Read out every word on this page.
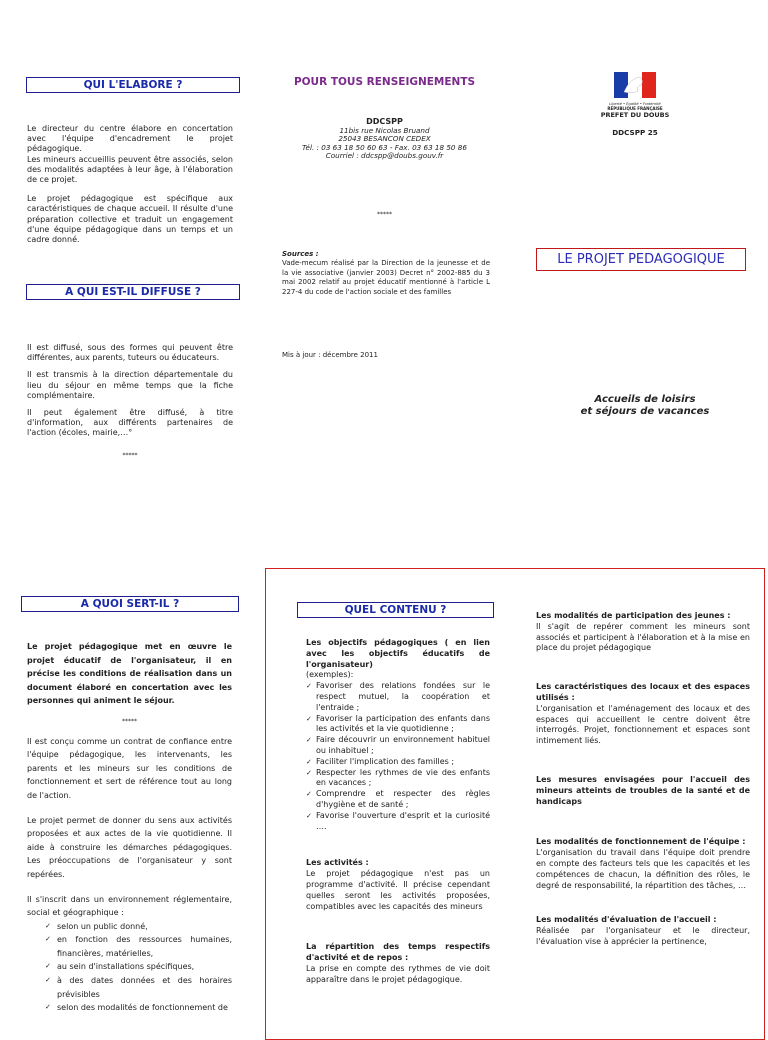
QUI L'ELABORE ?

Le directeur du centre élabore en concertation avec l'équipe d'encadrement le projet pédagogique.
Les mineurs accueillis peuvent être associés, selon des modalités adaptées à leur âge, à l'élaboration de ce projet.

Le projet pédagogique est spécifique aux caractéristiques de chaque accueil. Il résulte d'une préparation collective et traduit un engagement d'une équipe pédagogique dans un temps et un cadre donné.

A QUI EST-IL DIFFUSE ?

Il est diffusé, sous des formes qui peuvent être différentes, aux parents, tuteurs ou éducateurs.

Il est transmis à la direction départementale du lieu du séjour en même temps que la fiche complémentaire.

Il peut également être diffusé, à titre d'information, aux différents partenaires de l'action (écoles, mairie,…°

*****

POUR TOUS RENSEIGNEMENTS
DDCSPP
11bis rue Nicolas Bruand
25043 BESANCON CEDEX
Tél. : 03 63 18 50 60 63 - Fax. 03 63 18 50 86
Courriel : ddcspp@doubs.gouv.fr
*****
Sources :
Vade-mecum réalisé par la Direction de la jeunesse et de la vie associative (janvier 2003) Decret n° 2002-885 du 3 mai 2002 relatif au projet éducatif mentionné à l'article L 227-4 du code de l'action sociale et des familles
Mis à jour : décembre 2011
Liberté • Égalité • Fraternité
RÉPUBLIQUE FRANÇAISE
PREFET DU DOUBS
DDCSPP 25
LE PROJET PEDAGOGIQUE
Accueils de loisirs
et séjours de vacances
A QUOI SERT-IL ?

Le projet pédagogique met en œuvre le projet éducatif de l'organisateur, il en précise les conditions de réalisation dans un document élaboré en concertation avec les personnes qui animent le séjour.

*****

Il est conçu comme un contrat de confiance entre l'équipe pédagogique, les intervenants, les parents et les mineurs sur les conditions de fonctionnement et sert de référence tout au long de l'action.

Le projet permet de donner du sens aux activités proposées et aux actes de la vie quotidienne. Il aide à construire les démarches pédagogiques. Les préoccupations de l'organisateur y sont repérées.

Il s'inscrit dans un environnement réglementaire, social et géographique :

✓ selon un public donné,
✓ en fonction des ressources humaines, financières, matérielles,
✓ au sein d'installations spécifiques,
✓ à des dates données et des horaires prévisibles
✓ selon des modalités de fonctionnement de
QUEL CONTENU ?

Les objectifs pédagogiques ( en lien avec les objectifs éducatifs de l'organisateur)

(exemples):

✓ Favoriser des relations fondées sur le respect mutuel, la coopération et l'entraide ;
✓ Favoriser la participation des enfants dans les activités et la vie quotidienne ;
✓ Faire découvrir un environnement habituel ou inhabituel ;
✓ Faciliter l'implication des familles ;
✓ Respecter les rythmes de vie des enfants en vacances ;
✓ Comprendre et respecter des règles d'hygiène et de santé ;
✓ Favorise l'ouverture d'esprit et la curiosité ….

Les activités :

Le projet pédagogique n'est pas un programme d'activité. Il précise cependant quelles seront les activités proposées, compatibles avec les capacités des mineurs

La répartition des temps respectifs d'activité et de repos :

La prise en compte des rythmes de vie doit apparaître dans le projet pédagogique.

Les modalités de participation des jeunes :

Il s'agit de repérer comment les mineurs sont associés et participent à l'élaboration et à la mise en place du projet pédagogique

Les caractéristiques des locaux et des espaces utilisés :

L'organisation et l'aménagement des locaux et des espaces qui accueillent le centre doivent être interrogés. Projet, fonctionnement et espaces sont intimement liés.

Les mesures envisagées pour l'accueil des mineurs atteints de troubles de la santé et de handicaps

Les modalités de fonctionnement de l'équipe :

L'organisation du travail dans l'équipe doit prendre en compte des facteurs tels que les capacités et les compétences de chacun, la définition des rôles, le degré de responsabilité, la répartition des tâches, …

Les modalités d'évaluation de l'accueil :

Réalisée par l'organisateur et le directeur, l'évaluation vise à apprécier la pertinence,
